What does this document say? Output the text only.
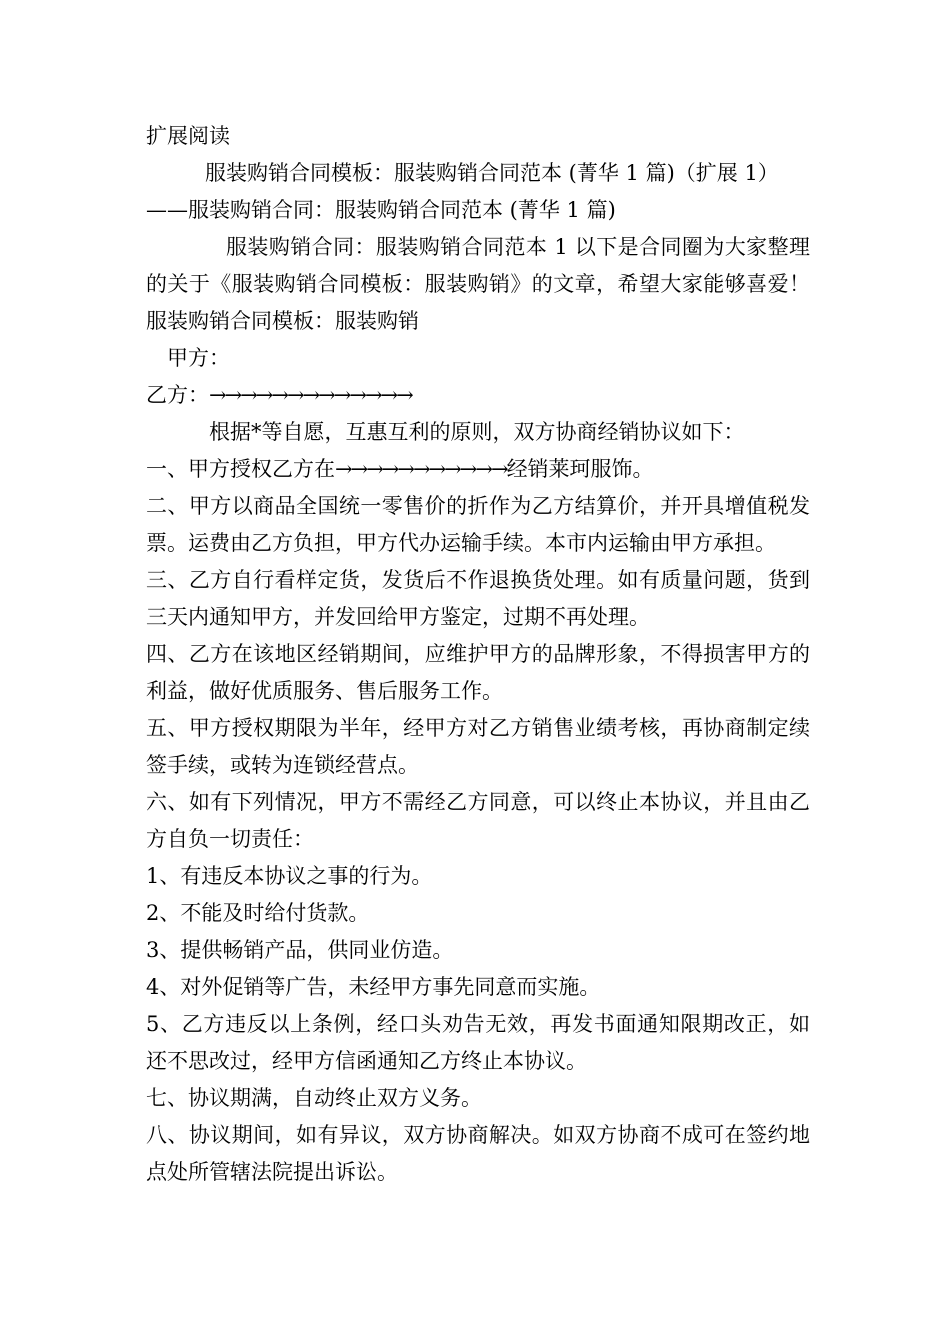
扩展阅读

服装购销合同模板：服装购销合同范本 (菁华 1 篇)（扩展 1）

——服装购销合同：服装购销合同范本 (菁华 1 篇)

服装购销合同：服装购销合同范本 1 以下是合同圈为大家整理的关于《服装购销合同模板：服装购销》的文章，希望大家能够喜爱！服装购销合同模板：服装购销

甲方：

乙方：→→→→→→→→→→→→→

根据*等自愿，互惠互利的原则，双方协商经销协议如下：

一、甲方授权乙方在→→→→→→→→→→→经销莱珂服饰。

二、甲方以商品全国统一零售价的折作为乙方结算价，并开具增值税发票。运费由乙方负担，甲方代办运输手续。本市内运输由甲方承担。

三、乙方自行看样定货，发货后不作退换货处理。如有质量问题，货到三天内通知甲方，并发回给甲方鉴定，过期不再处理。

四、乙方在该地区经销期间，应维护甲方的品牌形象，不得损害甲方的利益，做好优质服务、售后服务工作。

五、甲方授权期限为半年，经甲方对乙方销售业绩考核，再协商制定续签手续，或转为连锁经营点。

六、如有下列情况，甲方不需经乙方同意，可以终止本协议，并且由乙方自负一切责任：

1、有违反本协议之事的行为。

2、不能及时给付货款。

3、提供畅销产品，供同业仿造。

4、对外促销等广告，未经甲方事先同意而实施。

5、乙方违反以上条例，经口头劝告无效，再发书面通知限期改正，如还不思改过，经甲方信函通知乙方终止本协议。

七、协议期满，自动终止双方义务。

八、协议期间，如有异议，双方协商解决。如双方协商不成可在签约地点处所管辖法院提出诉讼。
